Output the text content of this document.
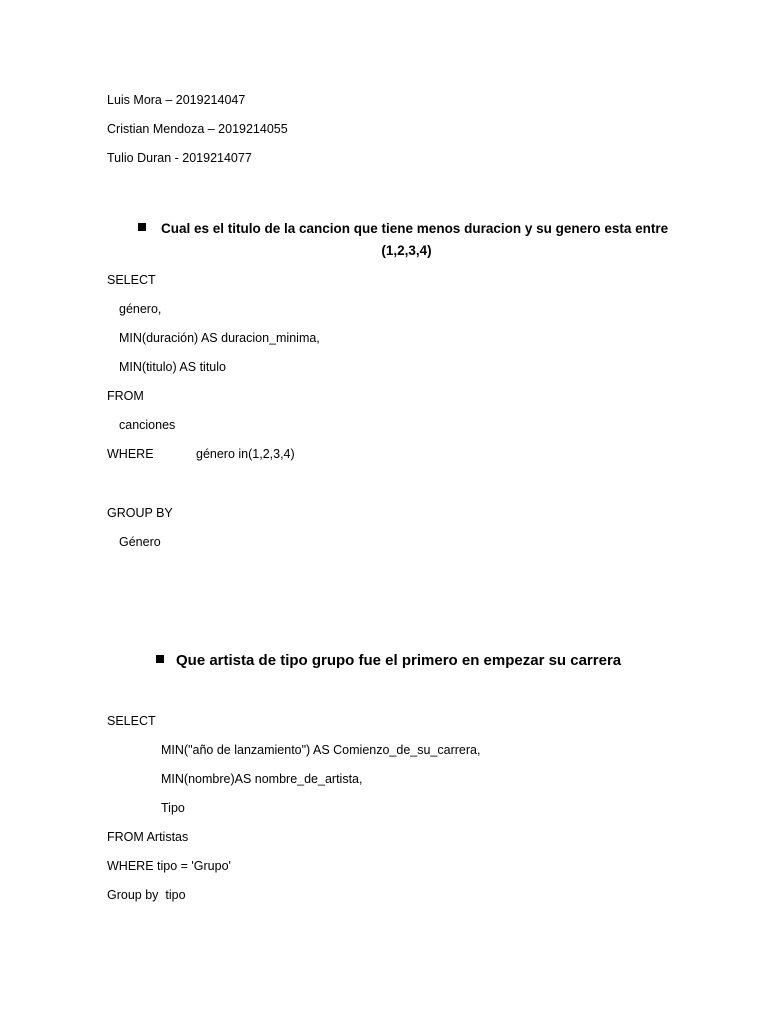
Luis Mora – 2019214047
Cristian Mendoza – 2019214055
Tulio Duran - 2019214077
Cual es el titulo de la cancion que tiene menos duracion y su genero esta entre
(1,2,3,4)
SELECT
género,
MIN(duración) AS duracion_minima,
MIN(titulo) AS titulo
FROM
canciones
WHERE	género in(1,2,3,4)
GROUP BY
Género
Que artista de tipo grupo fue el primero en empezar su carrera
SELECT
MIN("año de lanzamiento") AS Comienzo_de_su_carrera,
MIN(nombre)AS nombre_de_artista,
Tipo
FROM Artistas
WHERE tipo = 'Grupo'
Group by  tipo
